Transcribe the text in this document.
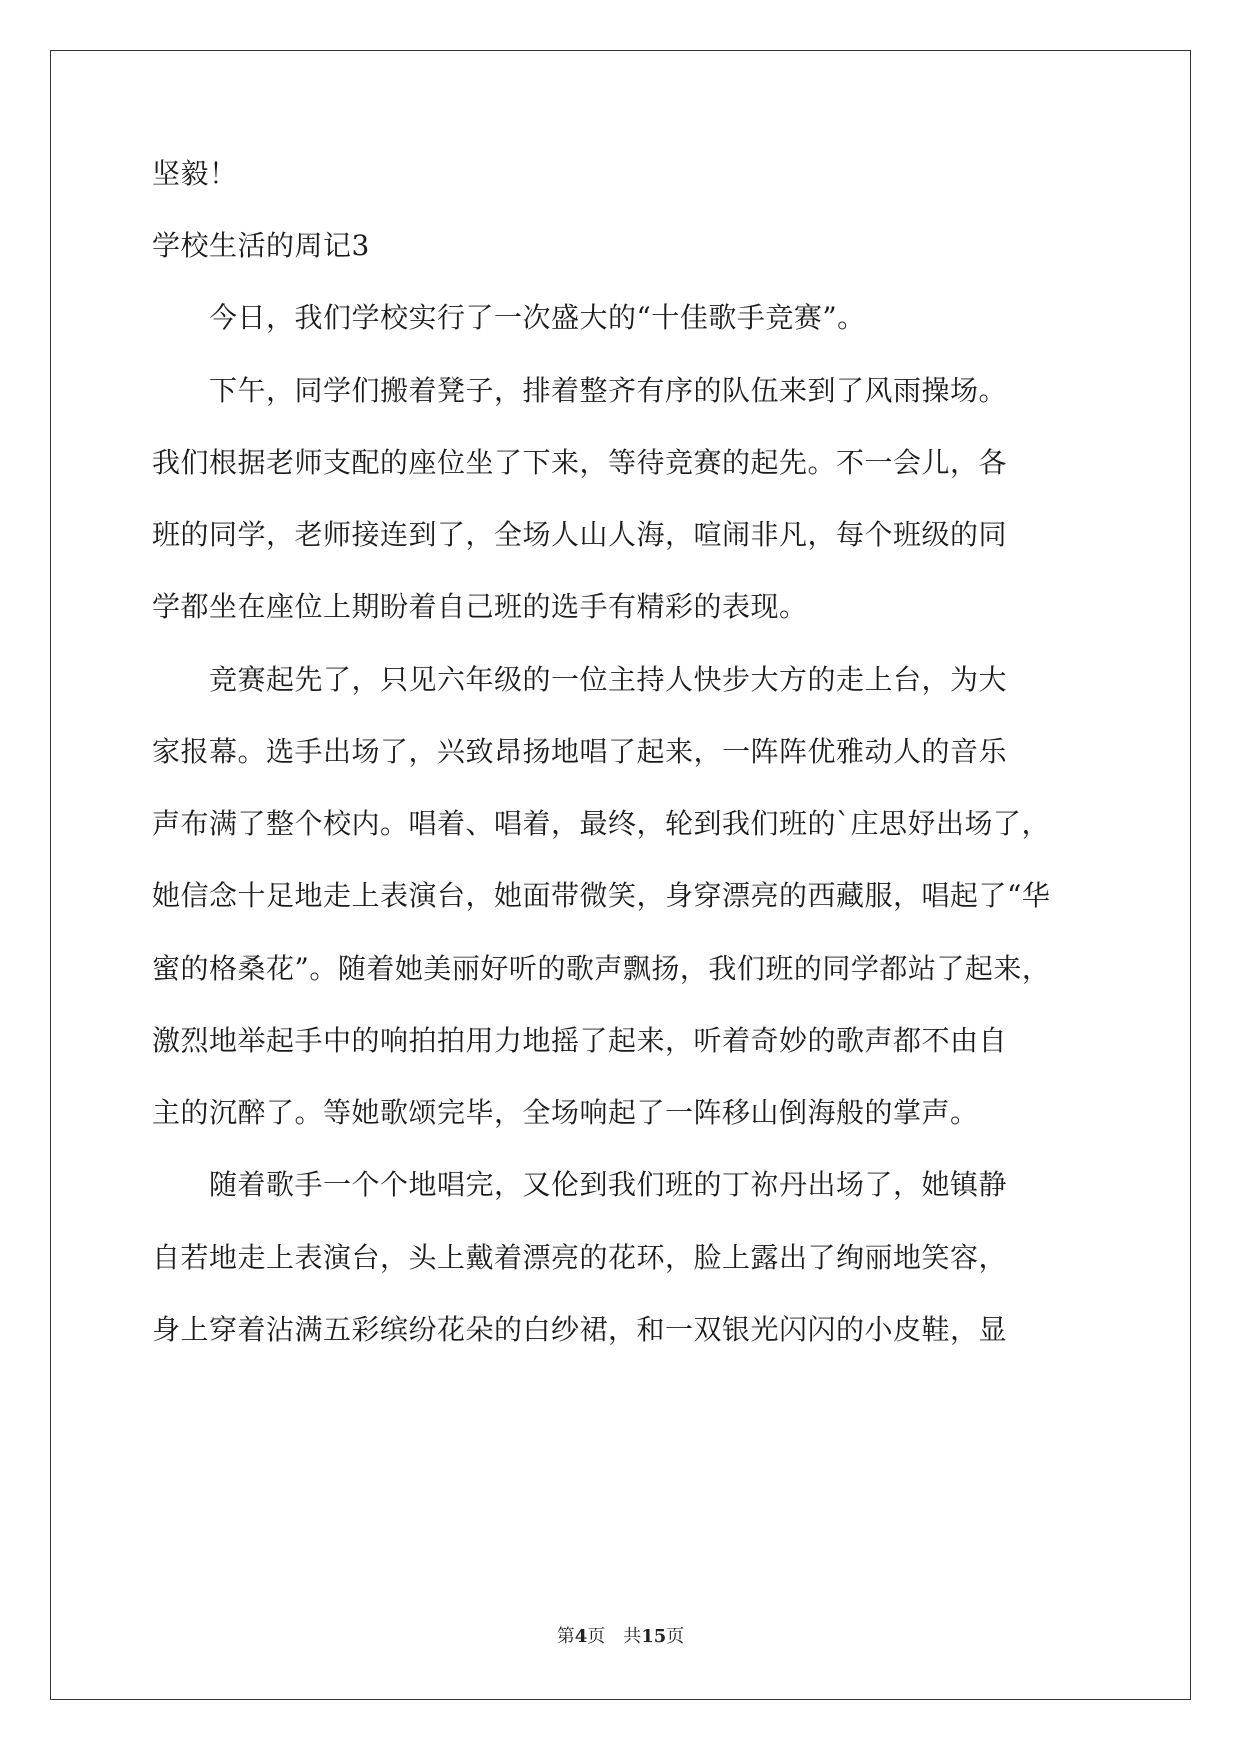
坚毅！
学校生活的周记3
　　今日，我们学校实行了一次盛大的“十佳歌手竞赛”。
　　下午，同学们搬着凳子，排着整齐有序的队伍来到了风雨操场。
我们根据老师支配的座位坐了下来，等待竞赛的起先。不一会儿，各
班的同学，老师接连到了，全场人山人海，喧闹非凡，每个班级的同
学都坐在座位上期盼着自己班的选手有精彩的表现。
　　竞赛起先了，只见六年级的一位主持人快步大方的走上台，为大
家报幕。选手出场了，兴致昂扬地唱了起来，一阵阵优雅动人的音乐
声布满了整个校内。唱着、唱着，最终，轮到我们班的`庄思妤出场了，
她信念十足地走上表演台，她面带微笑，身穿漂亮的西藏服，唱起了“华
蜜的格桑花”。随着她美丽好听的歌声飘扬，我们班的同学都站了起来，
激烈地举起手中的响拍拍用力地摇了起来，听着奇妙的歌声都不由自
主的沉醉了。等她歌颂完毕，全场响起了一阵移山倒海般的掌声。
　　随着歌手一个个地唱完，又伦到我们班的丁祢丹出场了，她镇静
自若地走上表演台，头上戴着漂亮的花环，脸上露出了绚丽地笑容，
身上穿着沾满五彩缤纷花朵的白纱裙，和一双银光闪闪的小皮鞋，显
第4页　共15页
